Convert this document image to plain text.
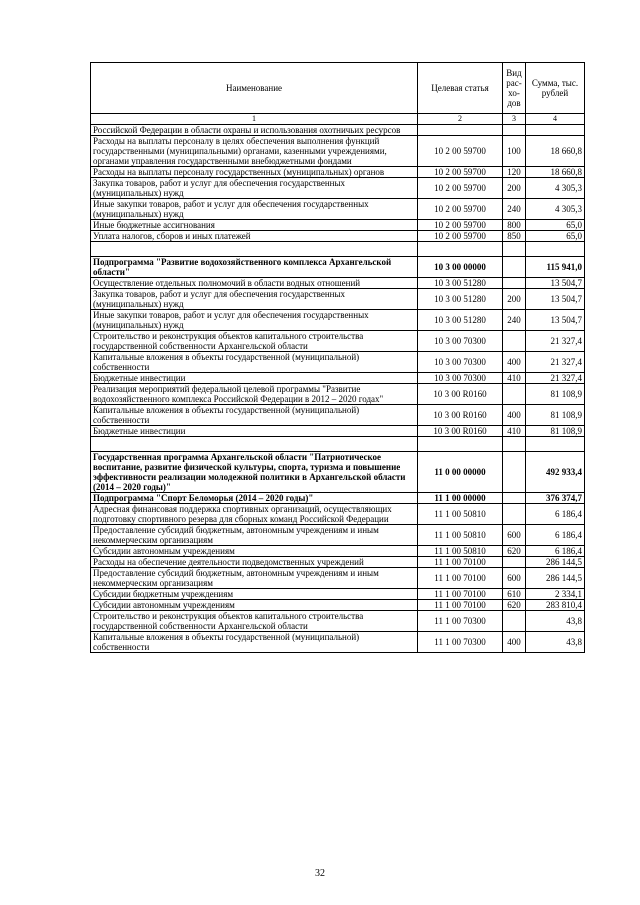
Наименование	Целевая статья	Вид рас-хо-дов	Сумма, тыс. рублей
1	2	3	4
Российской Федерации в области охраны и использования охотничьих ресурсов			
Расходы на выплаты персоналу в целях обеспечения выполнения функций государственными (муниципальными) органами, казенными учреждениями, органами управления государственными внебюджетными фондами	10 2 00 59700	100	18 660,8
Расходы на выплаты персоналу государственных (муниципальных) органов	10 2 00 59700	120	18 660,8
Закупка товаров, работ и услуг для обеспечения государственных (муниципальных) нужд	10 2 00 59700	200	4 305,3
Иные закупки товаров, работ и услуг для обеспечения государственных (муниципальных) нужд	10 2 00 59700	240	4 305,3
Иные бюджетные ассигнования	10 2 00 59700	800	65,0
Уплата налогов, сборов и иных платежей	10 2 00 59700	850	65,0

Подпрограмма "Развитие водохозяйственного комплекса Архангельской области"	10 3 00 00000		115 941,0
Осуществление отдельных полномочий в области водных отношений	10 3 00 51280		13 504,7
Закупка товаров, работ и услуг для обеспечения государственных (муниципальных) нужд	10 3 00 51280	200	13 504,7
Иные закупки товаров, работ и услуг для обеспечения государственных (муниципальных) нужд	10 3 00 51280	240	13 504,7
Строительство и реконструкция объектов капитального строительства государственной собственности Архангельской области	10 3 00 70300		21 327,4
Капитальные вложения в объекты государственной (муниципальной) собственности	10 3 00 70300	400	21 327,4
Бюджетные инвестиции	10 3 00 70300	410	21 327,4
Реализация мероприятий федеральной целевой программы "Развитие водохозяйственного комплекса Российской Федерации в 2012 – 2020 годах"	10 3 00 R0160		81 108,9
Капитальные вложения в объекты государственной (муниципальной) собственности	10 3 00 R0160	400	81 108,9
Бюджетные инвестиции	10 3 00 R0160	410	81 108,9

Государственная программа Архангельской области "Патриотическое воспитание, развитие физической культуры, спорта, туризма и повышение эффективности реализации молодежной политики в Архангельской области (2014 – 2020 годы)"	11 0 00 00000		492 933,4
Подпрограмма "Спорт Беломорья (2014 – 2020 годы)"	11 1 00 00000		376 374,7
Адресная финансовая поддержка спортивных организаций, осуществляющих подготовку спортивного резерва для сборных команд Российской Федерации	11 1 00 50810		6 186,4
Предоставление субсидий бюджетным, автономным учреждениям и иным некоммерческим организациям	11 1 00 50810	600	6 186,4
Субсидии автономным учреждениям	11 1 00 50810	620	6 186,4
Расходы на обеспечение деятельности подведомственных учреждений	11 1 00 70100		286 144,5
Предоставление субсидий бюджетным, автономным учреждениям и иным некоммерческим организациям	11 1 00 70100	600	286 144,5
Субсидии бюджетным учреждениям	11 1 00 70100	610	2 334,1
Субсидии автономным учреждениям	11 1 00 70100	620	283 810,4
Строительство и реконструкция объектов капитального строительства государственной собственности Архангельской области	11 1 00 70300		43,8
Капитальные вложения в объекты государственной (муниципальной) собственности	11 1 00 70300	400	43,8
32
